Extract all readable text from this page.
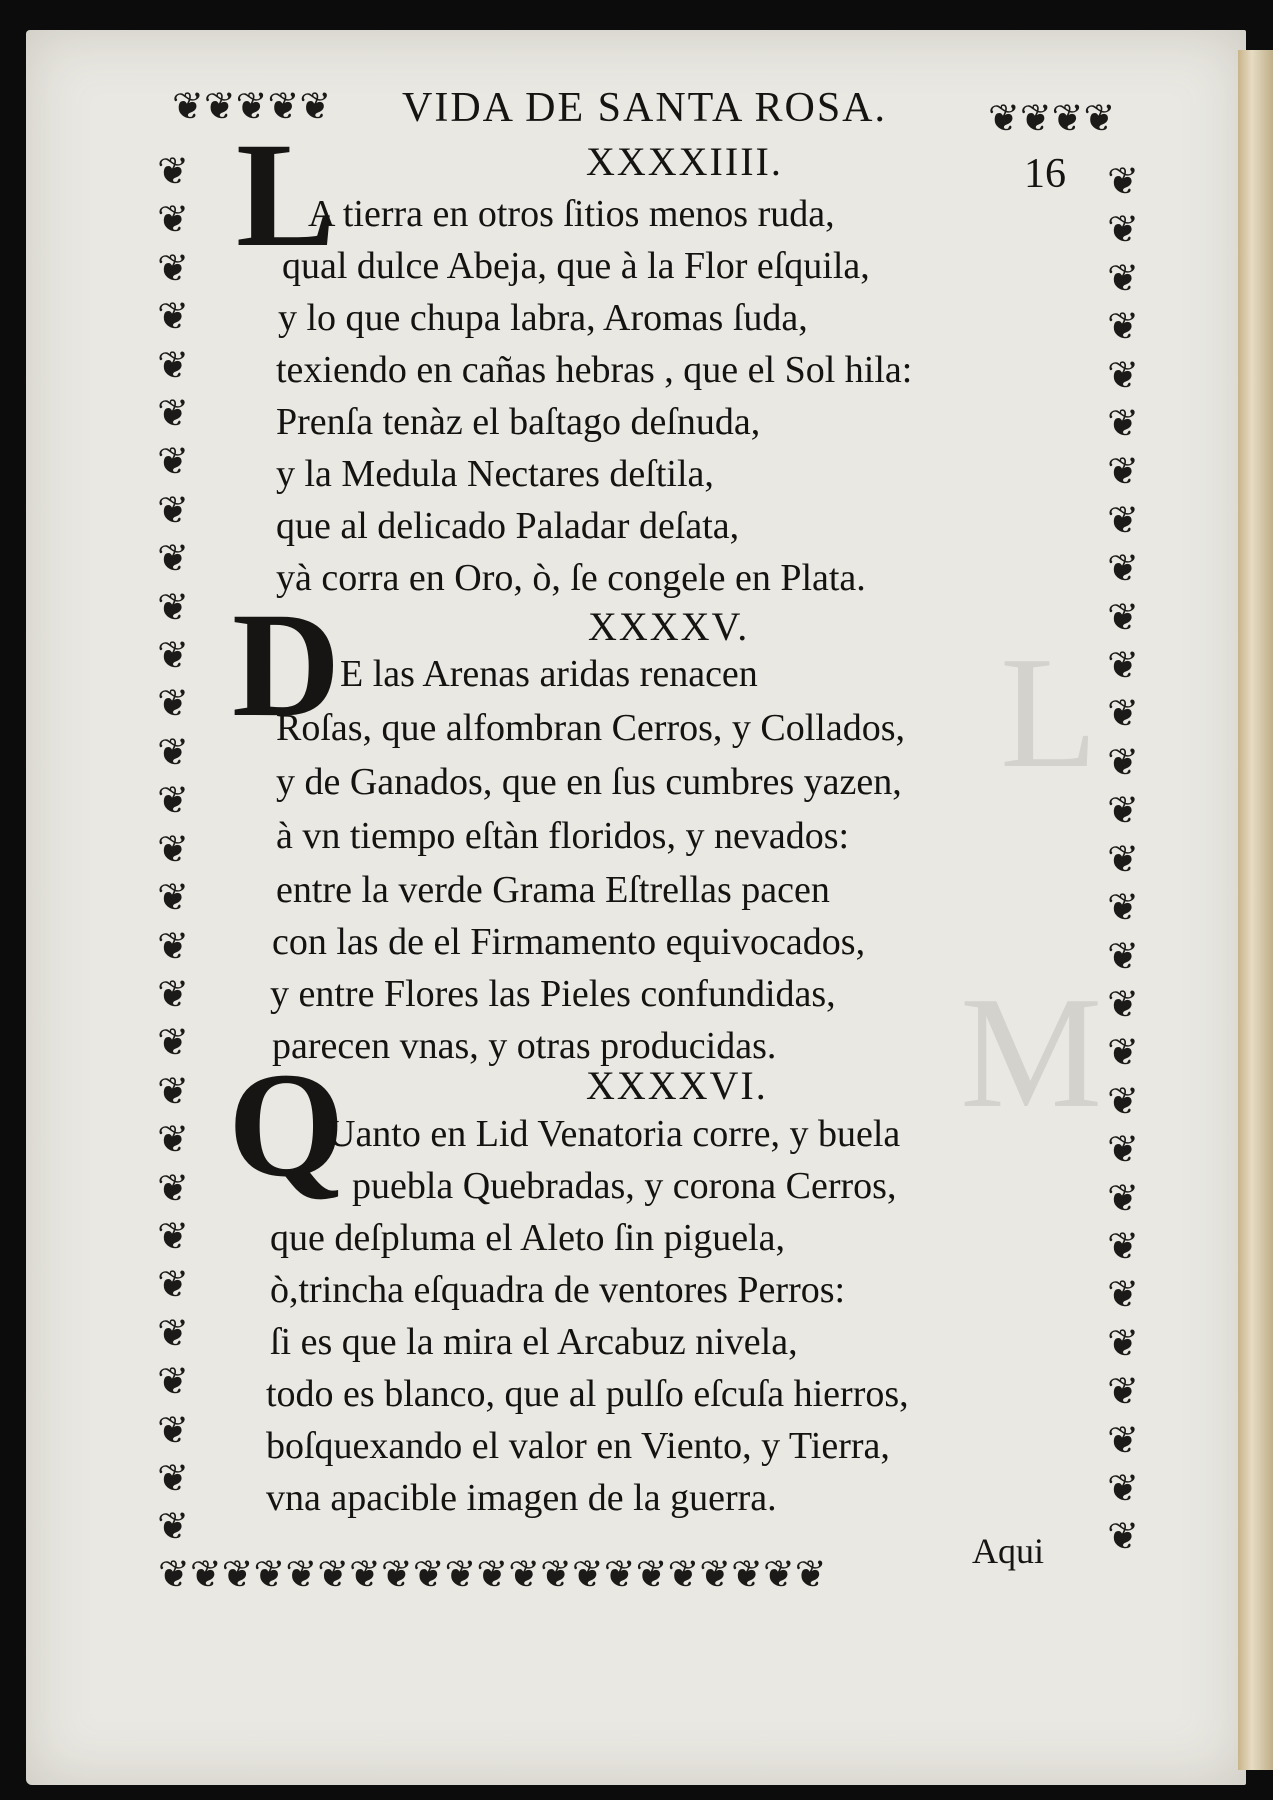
L
M
❦❦❦❦❦	❦❦❦❦
❦❦❦❦❦❦❦❦❦❦❦❦❦❦❦❦❦❦❦❦❦
❦
❦
❦
❦
❦
❦
❦
❦
❦
❦
❦
❦
❦
❦
❦
❦
❦
❦
❦
❦
❦
❦
❦
❦
❦
❦
❦
❦
❦
❦
❦
❦
❦
❦
❦
❦
❦
❦
❦
❦
❦
❦
❦
❦
❦
❦
❦
❦
❦
❦
❦
❦
❦
❦
❦
❦
❦
❦
VIDA DE SANTA ROSA.
16
XXXXIIII.
L
A tierra en otros ſitios menos ruda,
qual dulce Abeja, que à la Flor eſquila,
y lo que chupa labra, Aromas ſuda,
texiendo en cañas hebras , que el Sol hila:
Prenſa tenàz el baſtago deſnuda,
y la Medula Nectares deſtila,
que al delicado Paladar deſata,
yà corra en Oro, ò, ſe congele en Plata.
XXXXV.
D E las Arenas aridas renacen
Roſas, que alfombran Cerros, y Collados,
y de Ganados, que en ſus cumbres yazen,
à vn tiempo eſtàn floridos, y nevados:
entre la verde Grama Eſtrellas pacen
con las de el Firmamento equivocados,
y entre Flores las Pieles confundidas,
parecen vnas, y otras producidas.
XXXXVI.
Q
Uanto en Lid Venatoria corre, y buela
puebla Quebradas, y corona Cerros,
que deſpluma el Aleto ſin piguela,
ò,trincha eſquadra de ventores Perros:
ſi es que la mira el Arcabuz nivela,
todo es blanco, que al pulſo eſcuſa hierros,
boſquexando el valor en Viento, y Tierra,
vna apacible imagen de la guerra.
Aqui
